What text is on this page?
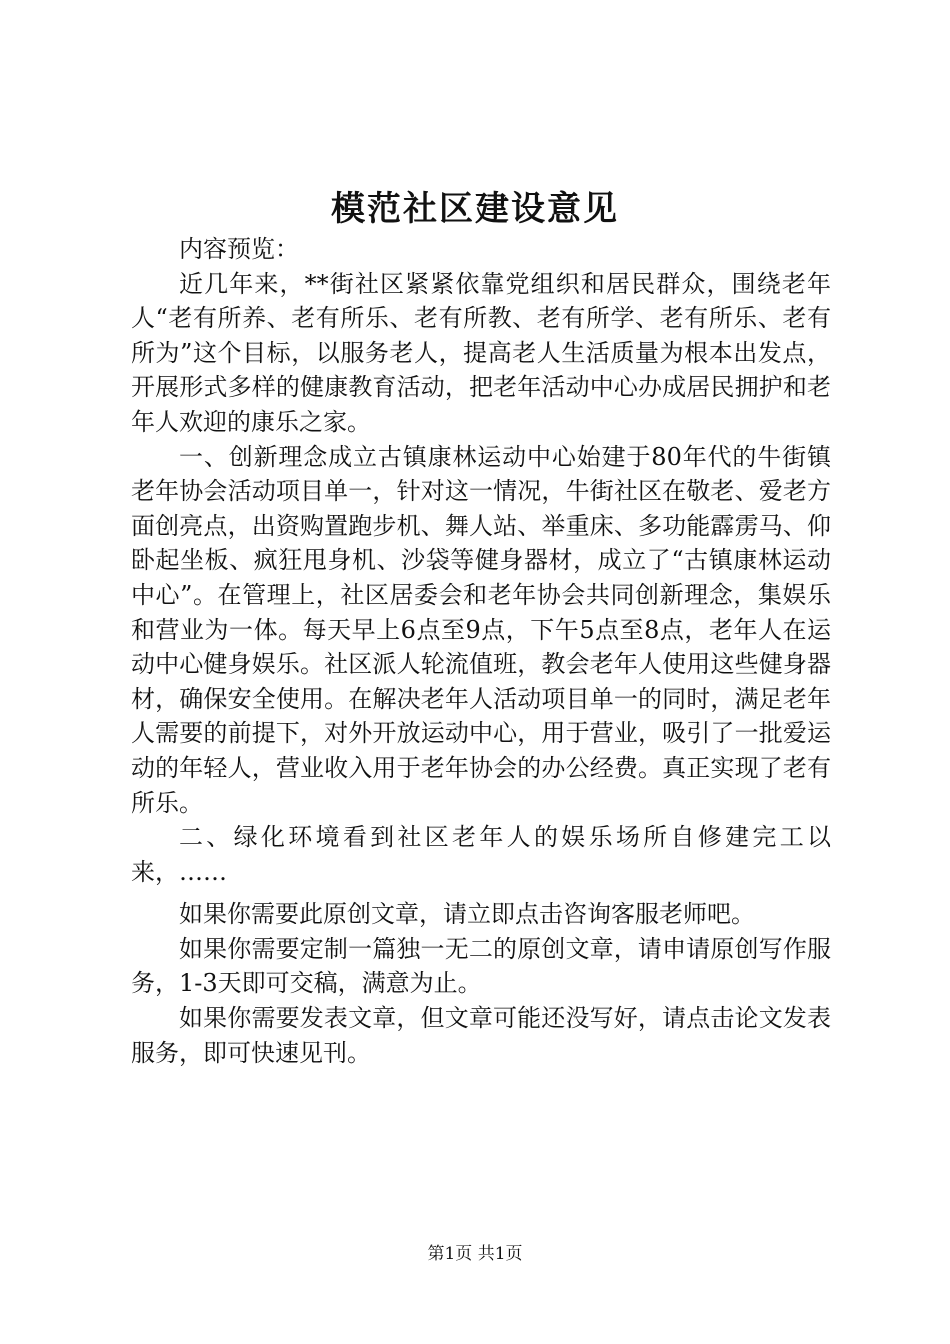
模范社区建设意见

内容预览：

近几年来，**街社区紧紧依靠党组织和居民群众，围绕老年人“老有所养、老有所乐、老有所教、老有所学、老有所乐、老有所为”这个目标，以服务老人，提高老人生活质量为根本出发点，开展形式多样的健康教育活动，把老年活动中心办成居民拥护和老年人欢迎的康乐之家。

一、创新理念成立古镇康林运动中心始建于80年代的牛街镇老年协会活动项目单一，针对这一情况，牛街社区在敬老、爱老方面创亮点，出资购置跑步机、舞人站、举重床、多功能霹雳马、仰卧起坐板、疯狂甩身机、沙袋等健身器材，成立了“古镇康林运动中心”。在管理上，社区居委会和老年协会共同创新理念，集娱乐和营业为一体。每天早上6点至9点，下午5点至8点，老年人在运动中心健身娱乐。社区派人轮流值班，教会老年人使用这些健身器材，确保安全使用。在解决老年人活动项目单一的同时，满足老年人需要的前提下，对外开放运动中心，用于营业，吸引了一批爱运动的年轻人，营业收入用于老年协会的办公经费。真正实现了老有所乐。

二、绿化环境看到社区老年人的娱乐场所自修建完工以来，……

如果你需要此原创文章，请立即点击咨询客服老师吧。

如果你需要定制一篇独一无二的原创文章，请申请原创写作服务，1-3天即可交稿，满意为止。

如果你需要发表文章，但文章可能还没写好，请点击论文发表服务，即可快速见刊。

第1页 共1页
